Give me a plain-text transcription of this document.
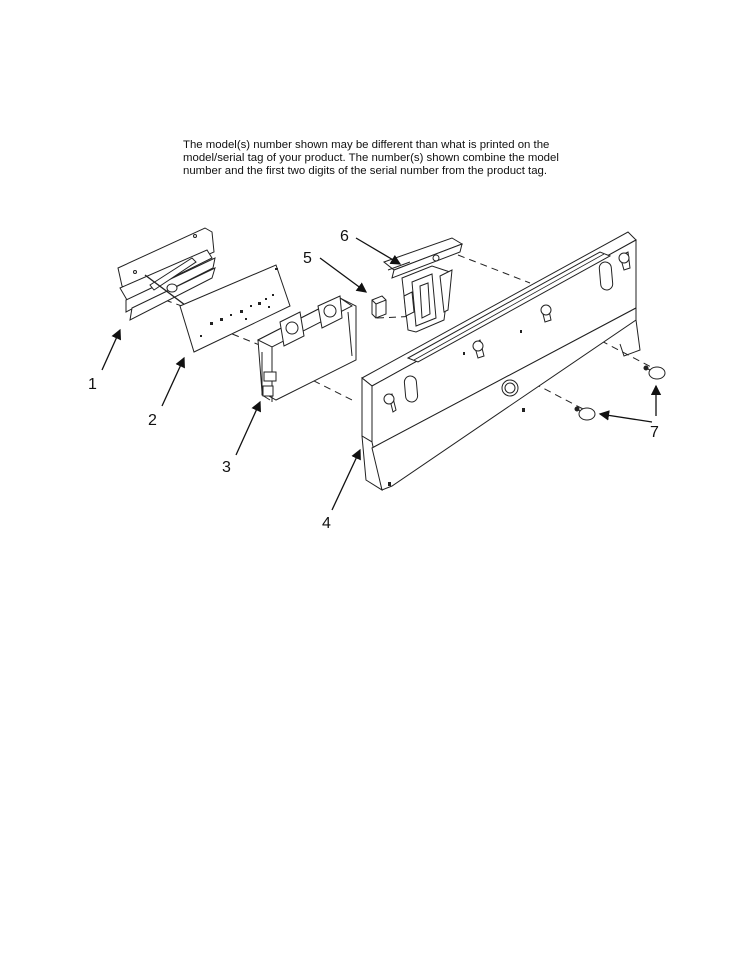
The model(s) number shown may be different than what is printed on the
model/serial tag of your product. The number(s) shown combine the model
number and the first two digits of the serial number from the product tag.
1
2
3
4
5
6
7
